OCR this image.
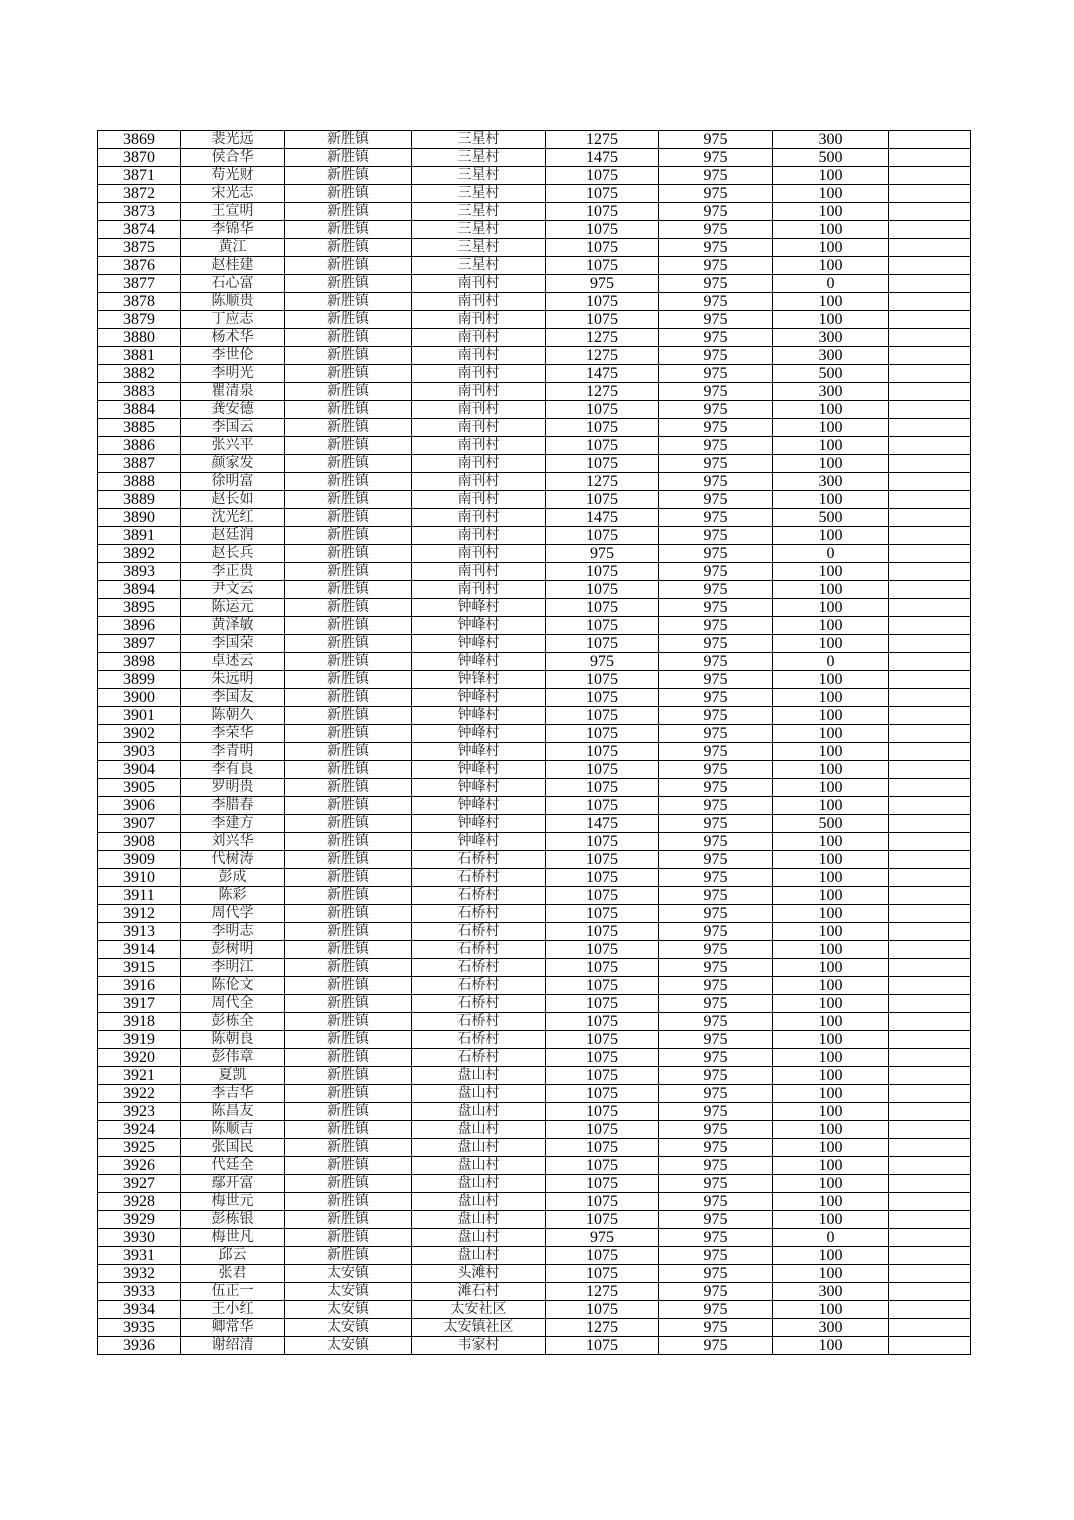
3869	裴光远	新胜镇	三星村	1275	975	300	
3870	侯合华	新胜镇	三星村	1475	975	500	
3871	苟光财	新胜镇	三星村	1075	975	100	
3872	宋光志	新胜镇	三星村	1075	975	100	
3873	王宣明	新胜镇	三星村	1075	975	100	
3874	李锦华	新胜镇	三星村	1075	975	100	
3875	黄江	新胜镇	三星村	1075	975	100	
3876	赵桂建	新胜镇	三星村	1075	975	100	
3877	石心富	新胜镇	南刊村	975	975	0	
3878	陈顺贵	新胜镇	南刊村	1075	975	100	
3879	丁应志	新胜镇	南刊村	1075	975	100	
3880	杨术华	新胜镇	南刊村	1275	975	300	
3881	李世伦	新胜镇	南刊村	1275	975	300	
3882	李明光	新胜镇	南刊村	1475	975	500	
3883	瞿清泉	新胜镇	南刊村	1275	975	300	
3884	龚安德	新胜镇	南刊村	1075	975	100	
3885	李国云	新胜镇	南刊村	1075	975	100	
3886	张兴平	新胜镇	南刊村	1075	975	100	
3887	颜家发	新胜镇	南刊村	1075	975	100	
3888	徐明富	新胜镇	南刊村	1275	975	300	
3889	赵长如	新胜镇	南刊村	1075	975	100	
3890	沈光红	新胜镇	南刊村	1475	975	500	
3891	赵廷润	新胜镇	南刊村	1075	975	100	
3892	赵长兵	新胜镇	南刊村	975	975	0	
3893	李正贵	新胜镇	南刊村	1075	975	100	
3894	尹文云	新胜镇	南刊村	1075	975	100	
3895	陈运元	新胜镇	钟峰村	1075	975	100	
3896	黄泽敏	新胜镇	钟峰村	1075	975	100	
3897	李国荣	新胜镇	钟峰村	1075	975	100	
3898	卓述云	新胜镇	钟峰村	975	975	0	
3899	朱远明	新胜镇	钟锋村	1075	975	100	
3900	李国友	新胜镇	钟峰村	1075	975	100	
3901	陈朝久	新胜镇	钟峰村	1075	975	100	
3902	李荣华	新胜镇	钟峰村	1075	975	100	
3903	李青明	新胜镇	钟峰村	1075	975	100	
3904	李有良	新胜镇	钟峰村	1075	975	100	
3905	罗明贵	新胜镇	钟峰村	1075	975	100	
3906	李腊春	新胜镇	钟峰村	1075	975	100	
3907	李建方	新胜镇	钟峰村	1475	975	500	
3908	刘兴华	新胜镇	钟峰村	1075	975	100	
3909	代树涛	新胜镇	石桥村	1075	975	100	
3910	彭成	新胜镇	石桥村	1075	975	100	
3911	陈彩	新胜镇	石桥村	1075	975	100	
3912	周代学	新胜镇	石桥村	1075	975	100	
3913	李明志	新胜镇	石桥村	1075	975	100	
3914	彭树明	新胜镇	石桥村	1075	975	100	
3915	李明江	新胜镇	石桥村	1075	975	100	
3916	陈伦文	新胜镇	石桥村	1075	975	100	
3917	周代全	新胜镇	石桥村	1075	975	100	
3918	彭栋全	新胜镇	石桥村	1075	975	100	
3919	陈朝良	新胜镇	石桥村	1075	975	100	
3920	彭伟章	新胜镇	石桥村	1075	975	100	
3921	夏凯	新胜镇	盘山村	1075	975	100	
3922	李吉华	新胜镇	盘山村	1075	975	100	
3923	陈昌友	新胜镇	盘山村	1075	975	100	
3924	陈顺吉	新胜镇	盘山村	1075	975	100	
3925	张国民	新胜镇	盘山村	1075	975	100	
3926	代廷全	新胜镇	盘山村	1075	975	100	
3927	鄢开富	新胜镇	盘山村	1075	975	100	
3928	梅世元	新胜镇	盘山村	1075	975	100	
3929	彭栋银	新胜镇	盘山村	1075	975	100	
3930	梅世凡	新胜镇	盘山村	975	975	0	
3931	邱云	新胜镇	盘山村	1075	975	100	
3932	张君	太安镇	头滩村	1075	975	100	
3933	伍正一	太安镇	滩石村	1275	975	300	
3934	王小红	太安镇	太安社区	1075	975	100	
3935	卿常华	太安镇	太安镇社区	1275	975	300	
3936	谢绍清	太安镇	韦家村	1075	975	100	
